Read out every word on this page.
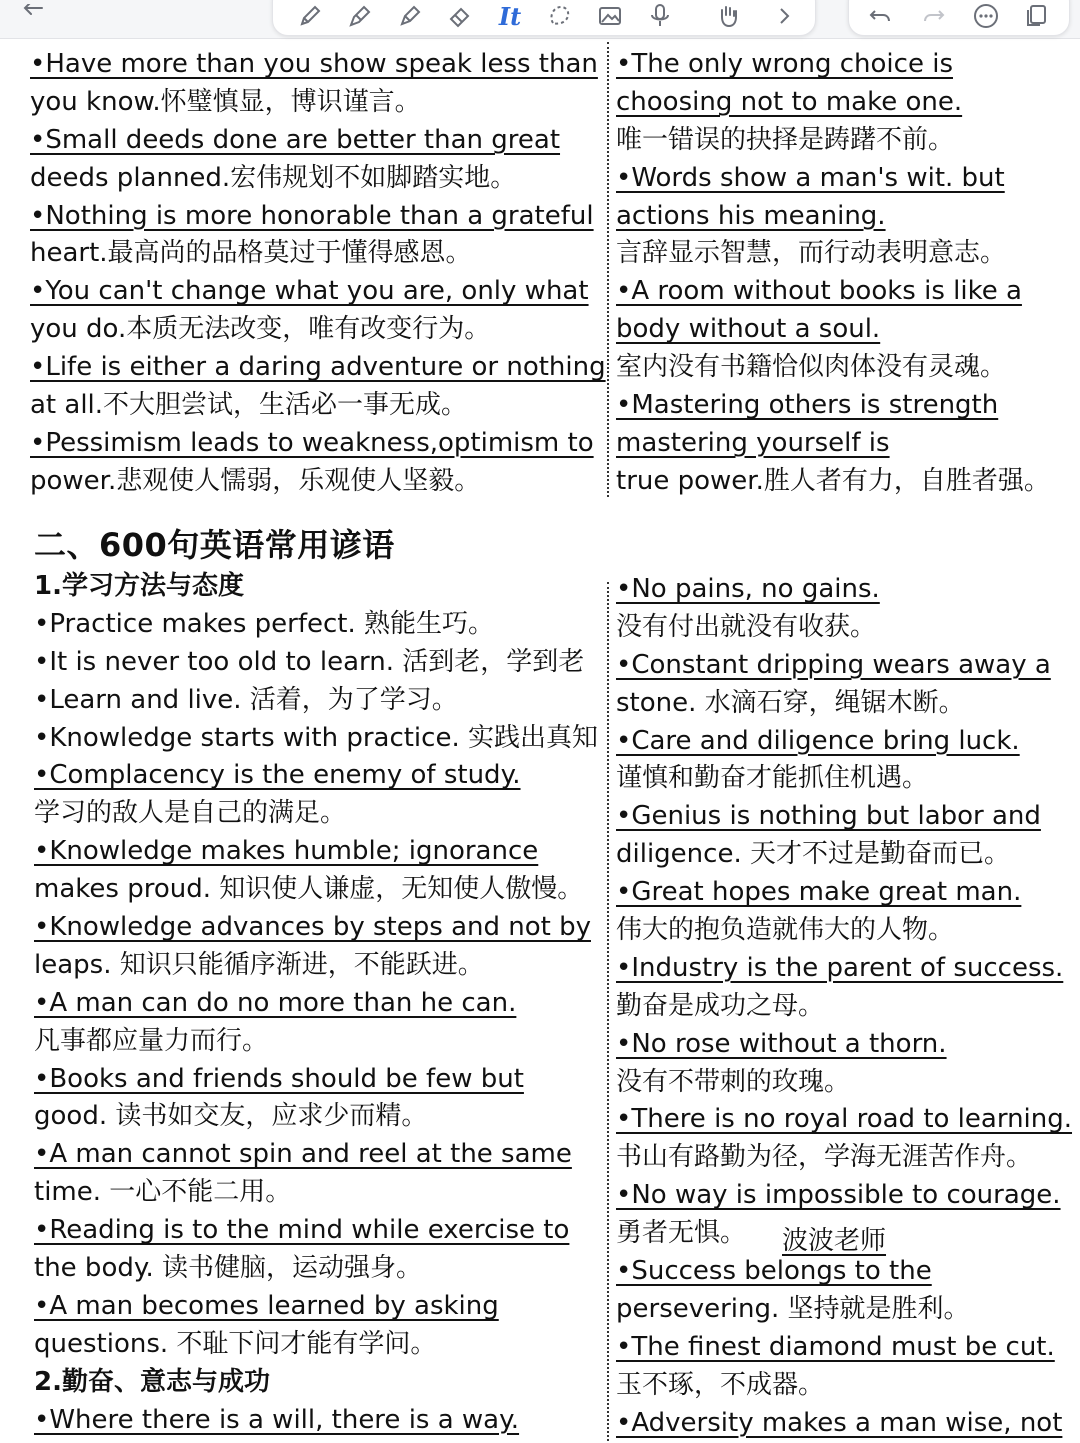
It
•Have more than you show speak less than
you know.怀璧慎显，博识谨言。
•Small deeds done are better than great
deeds planned.宏伟规划不如脚踏实地。
•Nothing is more honorable than a grateful
heart.最高尚的品格莫过于懂得感恩。
•You can't change what you are, only what
you do.本质无法改变，唯有改变行为。
•Life is either a daring adventure or nothing
at all.不大胆尝试，生活必一事无成。
•Pessimism leads to weakness,optimism to
power.悲观使人懦弱，乐观使人坚毅。
•The only wrong choice is
choosing not to make one.
唯一错误的抉择是踌躇不前。
•Words show a man's wit. but
actions his meaning.
言辞显示智慧，而行动表明意志。
•A room without books is like a
body without a soul.
室内没有书籍恰似肉体没有灵魂。
•Mastering others is strength
mastering yourself is
true power.胜人者有力，自胜者强。
二、600句英语常用谚语
1.学习方法与态度
•Practice makes perfect. 熟能生巧。
•It is never too old to learn. 活到老，学到老
•Learn and live. 活着，为了学习。
•Knowledge starts with practice. 实践出真知
•Complacency is the enemy of study.
学习的敌人是自己的满足。
•Knowledge makes humble; ignorance
makes proud. 知识使人谦虚，无知使人傲慢。
•Knowledge advances by steps and not by
leaps. 知识只能循序渐进，不能跃进。
•A man can do no more than he can.
凡事都应量力而行。
•Books and friends should be few but
good. 读书如交友，应求少而精。
•A man cannot spin and reel at the same
time. 一心不能二用。
•Reading is to the mind while exercise to
the body. 读书健脑，运动强身。
•A man becomes learned by asking
questions. 不耻下问才能有学问。
2.勤奋、意志与成功
•Where there is a will, there is a way.
•No pains, no gains.
没有付出就没有收获。
•Constant dripping wears away a
stone. 水滴石穿，绳锯木断。
•Care and diligence bring luck.
谨慎和勤奋才能抓住机遇。
•Genius is nothing but labor and
diligence. 天才不过是勤奋而已。
•Great hopes make great man.
伟大的抱负造就伟大的人物。
•Industry is the parent of success.
勤奋是成功之母。
•No rose without a thorn.
没有不带刺的玫瑰。
•There is no royal road to learning.
书山有路勤为径，学海无涯苦作舟。
•No way is impossible to courage.
勇者无惧。
•Success belongs to the
persevering. 坚持就是胜利。
•The finest diamond must be cut.
玉不琢，不成器。
•Adversity makes a man wise, not
波波老师
